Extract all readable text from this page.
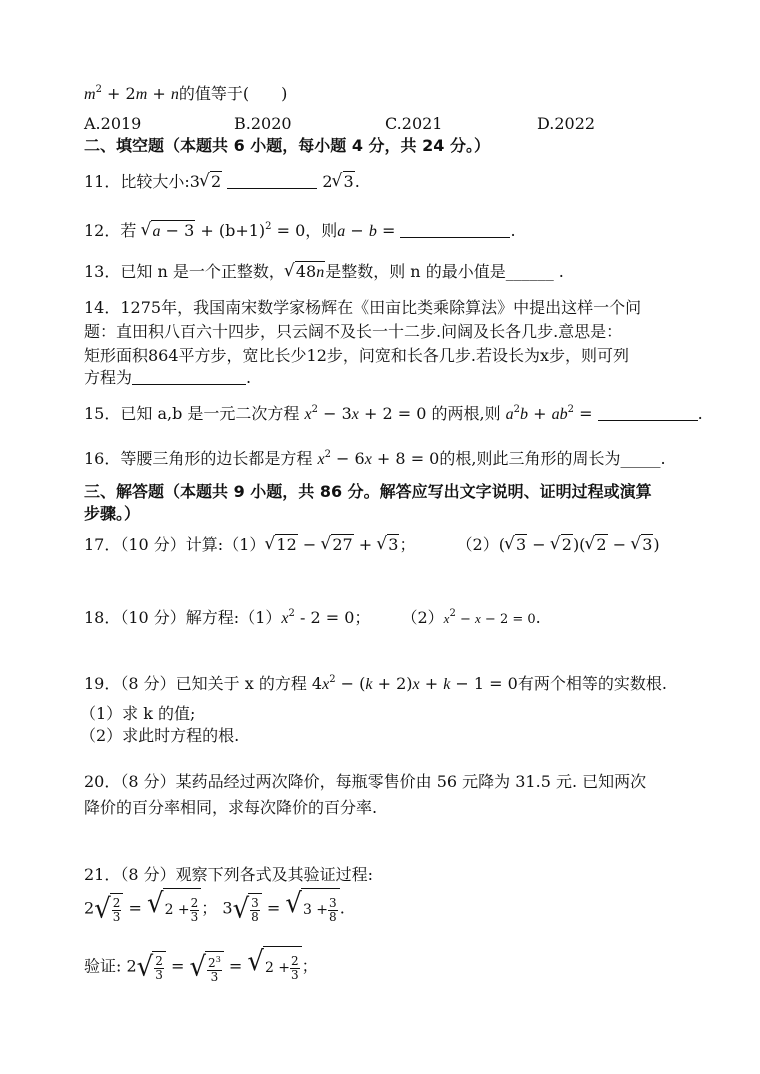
$m^2 + 2m + n$的值等于(　　)
A.2019	B.2020	C.2021	D.2022
二、填空题（本题共 6 小题，每小题 4 分，共 24 分。）
11．比较大小:3 √ 2	2 √ 3.
12．若 √ $a - 3 + (b+1)^2 = 0$，则a − b =	.
13．已知 n 是一个正整数， √ 48n是整数，则 n 的最小值是______ .
14．1275年，我国南宋数学家杨辉在《田亩比类乘除算法》中提出这样一个问
题：直田积八百六十四步，只云阔不及长一十二步.问阔及长各几步.意思是：
矩形面积864平方步，宽比长少12步，问宽和长各几步.若设长为x步，则可列
方程为	.
15．已知 a,b 是一元二次方程 $x^2 - 3x + 2 = 0$ 的两根,则 $a^2b + ab^2$ =	.
16．等腰三角形的边长都是方程 $x^2 - 6x + 8 = 0$的根,则此三角形的周长为_____.
三、解答题（本题共 9 小题，共 86 分。解答应写出文字说明、证明过程或演算
步骤。）
17．（10 分）计算:（1） √ 12 − √ 27 + √ 3； （2）( √ 3 − √ 2)( √ 2 − √ 3)
18．（10 分）解方程$:(1)x^2 - 2 = 0$； $(2)x^2 - x - 2 = 0$.
19．（8 分）已知关于 x 的方程 $4x^2 - (k + 2)x + k - 1 = 0$有两个相等的实数根.
（1）求 k 的值;
（2）求此时方程的根.
20．（8 分）某药品经过两次降价，每瓶零售价由 56 元降为 31.5 元. 已知两次
降价的百分率相同，求每次降价的百分率.
21．（8 分）观察下列各式及其验证过程:
2 √ $\frac{2}{3}$ = √ $2 + \frac{2}{3}$ ； 3 √ $\frac{3}{8}$ = √ $3 + \frac{3}{8}$ .
验证: 2 √ $\frac{2}{3}$ = √ $\frac{2^3}{3}$ = √ $2 + \frac{2}{3}$ ；
